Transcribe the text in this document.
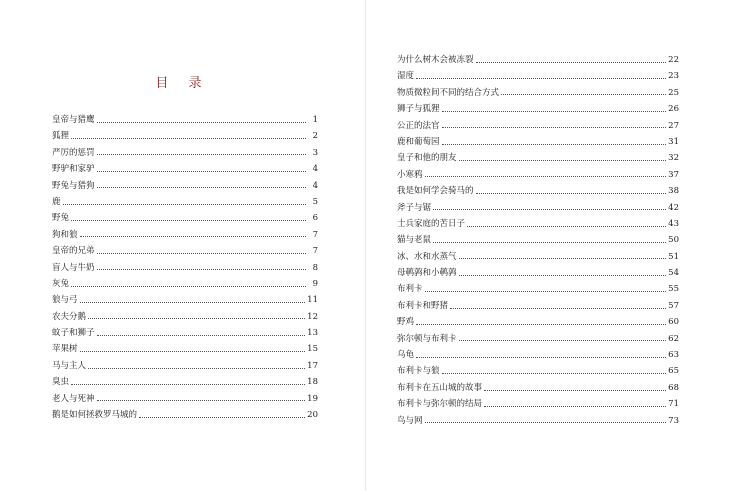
目 录
皇帝与猎鹰	1
狐狸	2
严厉的惩罚	3
野驴和家驴	4
野兔与猎狗	4
鹿	5
野兔	6
狗和狼	7
皇帝的兄弟	7
盲人与牛奶	8
灰兔	9
狼与弓	11
农夫分鹅	12
蚊子和狮子	13
苹果树	15
马与主人	17
臭虫	18
老人与死神	19
鹅是如何拯救罗马城的	20
为什么树木会被冻裂	22
湿度	23
物质微粒间不同的结合方式	25
狮子与狐狸	26
公正的法官	27
鹿和葡萄园	31
皇子和他的朋友	32
小寒鸦	37
我是如何学会骑马的	38
斧子与锯	42
士兵家庭的苦日子	43
猫与老鼠	50
冰、水和水蒸气	51
母鹌鹑和小鹌鹑	54
布利卡	55
布利卡和野猪	57
野鸡	60
弥尔顿与布利卡	62
乌龟	63
布利卡与狼	65
布利卡在五山城的故事	68
布利卡与弥尔顿的结局	71
鸟与网	73
